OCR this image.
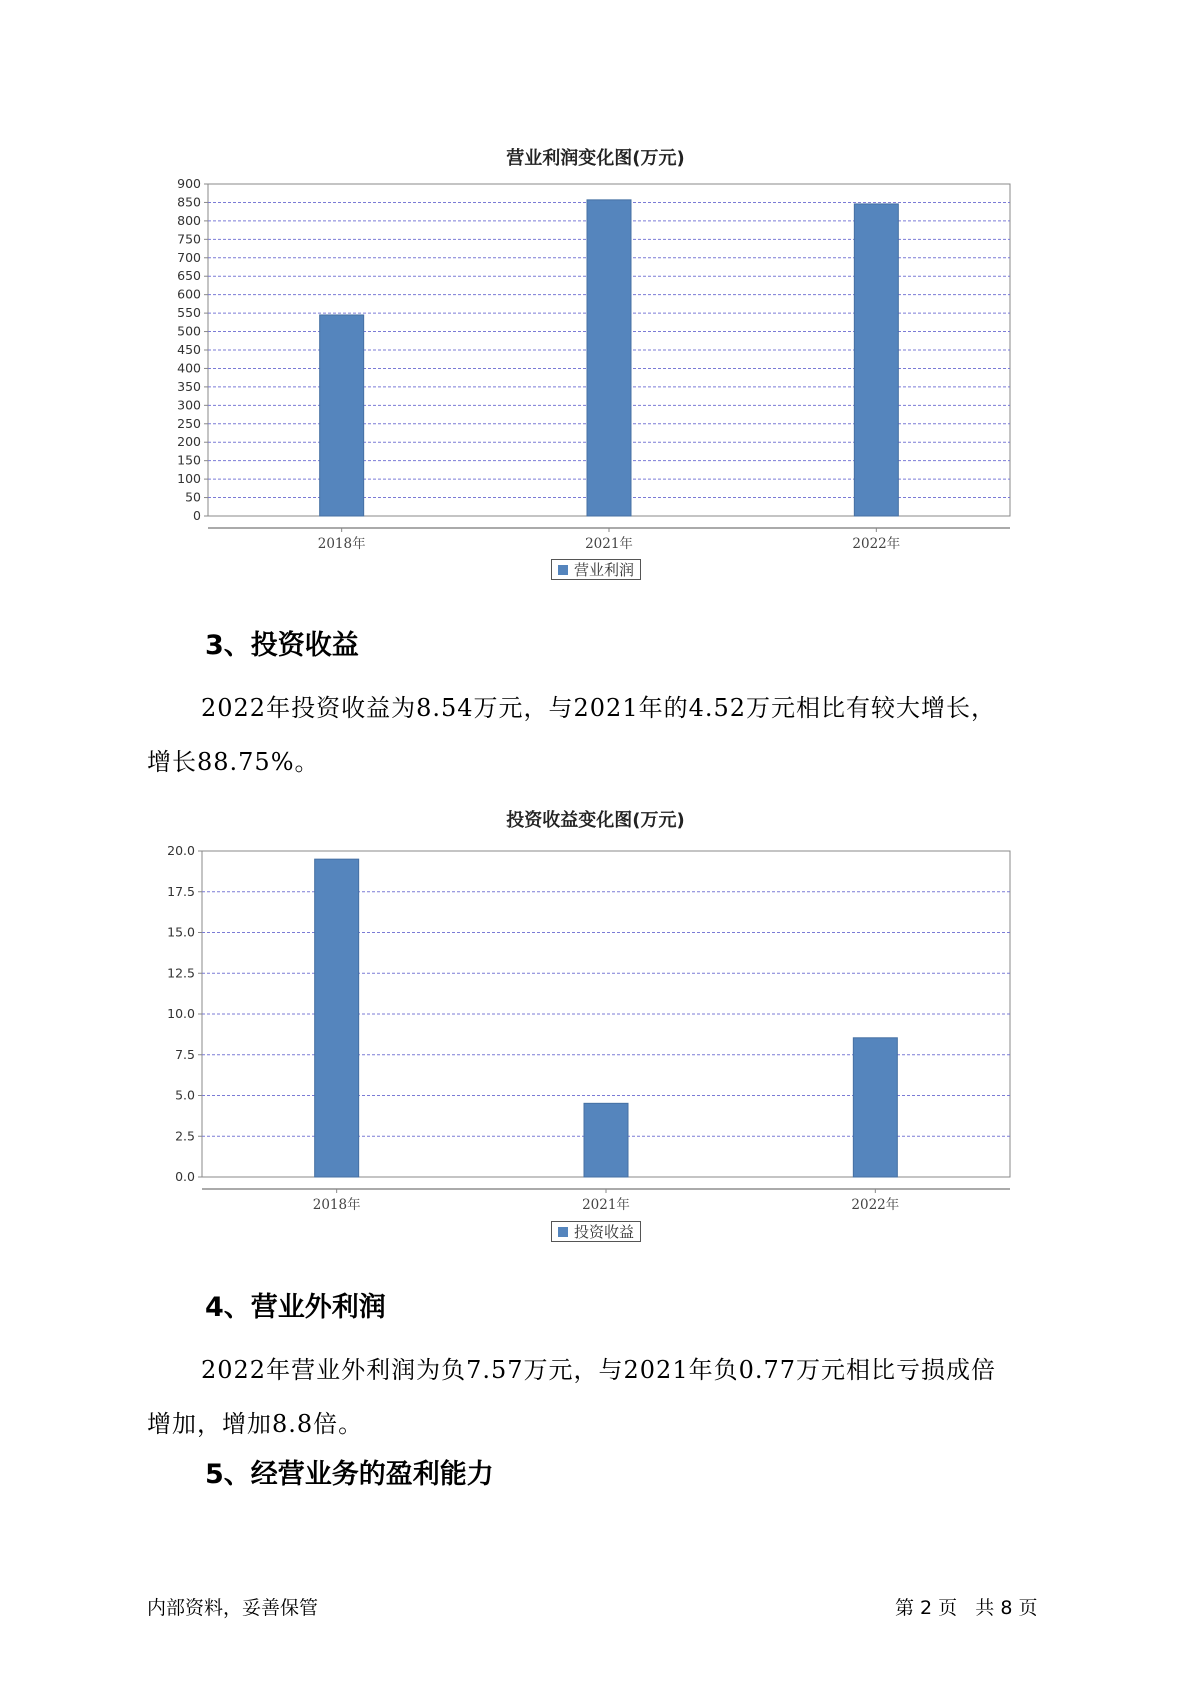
营业利润变化图(万元)
0
50
100
150
200
250
300
350
400
450
500
550
600
650
700
750
800
850
900
2018年	2021年	2022年
营业利润
3、投资收益
2022年投资收益为8.54万元，与2021年的4.52万元相比有较大增长，
增长88.75%。
投资收益变化图(万元)
0.0
2.5
5.0
7.5
10.0
12.5
15.0
17.5
20.0
2018年	2021年	2022年
投资收益
4、营业外利润
2022年营业外利润为负7.57万元，与2021年负0.77万元相比亏损成倍
增加，增加8.8倍。
5、经营业务的盈利能力
内部资料，妥善保管	第 2 页   共 8 页
